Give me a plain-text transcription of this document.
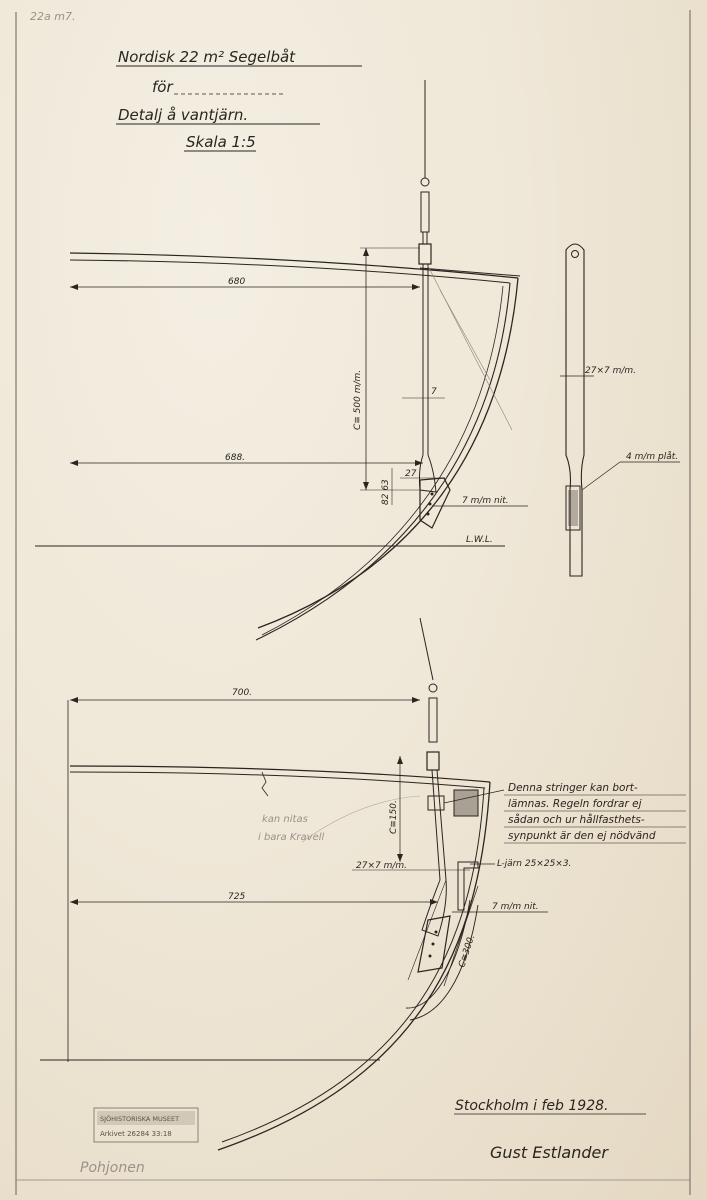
22a m7.
Nordisk 22 m² Segelbåt
för
Detalj å vantjärn.
Skala 1:5
680
688.
C≅ 500 m/m.	7
27
82 63	7 m/m nit.
L.W.L.
27×7 m/m.
4 m/m plåt.
700.
725
C≅150.
27×7 m/m.	L-järn 25×25×3.
7 m/m nit.
C≅300.
kan nitas
i bara Kravell
Denna stringer kan bort-
lämnas. Regeln fordrar ej
sådan och ur hållfasthets-
synpunkt är den ej nödvänd
Stockholm i feb 1928.
Gust Estlander
SJÖHISTORISKA MUSEET
Arkivet 26284 33:18
Pohjonen
